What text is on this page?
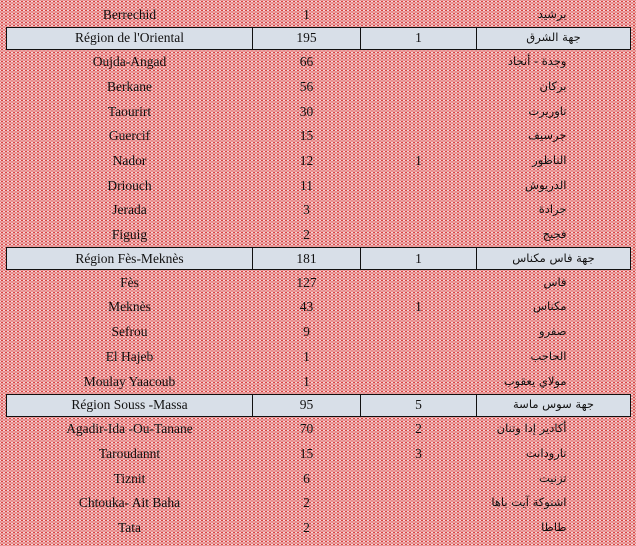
Berrechid	1		برشيد
Région de l'Oriental	195	1	جهة الشرق
Oujda-Angad	66		وجدة - أنجاد
Berkane	56		بركان
Taourirt	30		تاوريرت
Guercif	15		جرسيف
Nador	12	1	الناظور
Driouch	11		الدريوش
Jerada	3		جرادة
Figuig	2		فجيج
Région Fès-Meknès	181	1	جهة فاس مكناس
Fès	127		فاس
Meknès	43	1	مكناس
Sefrou	9		صفرو
El Hajeb	1		الحاجب
Moulay Yaacoub	1		مولاي يعقوب
Région Souss -Massa	95	5	جهة سوس ماسة
Agadir-Ida -Ou-Tanane	70	2	أكادير إدا وتنان
Taroudannt	15	3	تارودانت
Tiznit	6		تزنيت
Chtouka- Ait Baha	2		اشتوكة آيت باها
Tata	2		طاطا
